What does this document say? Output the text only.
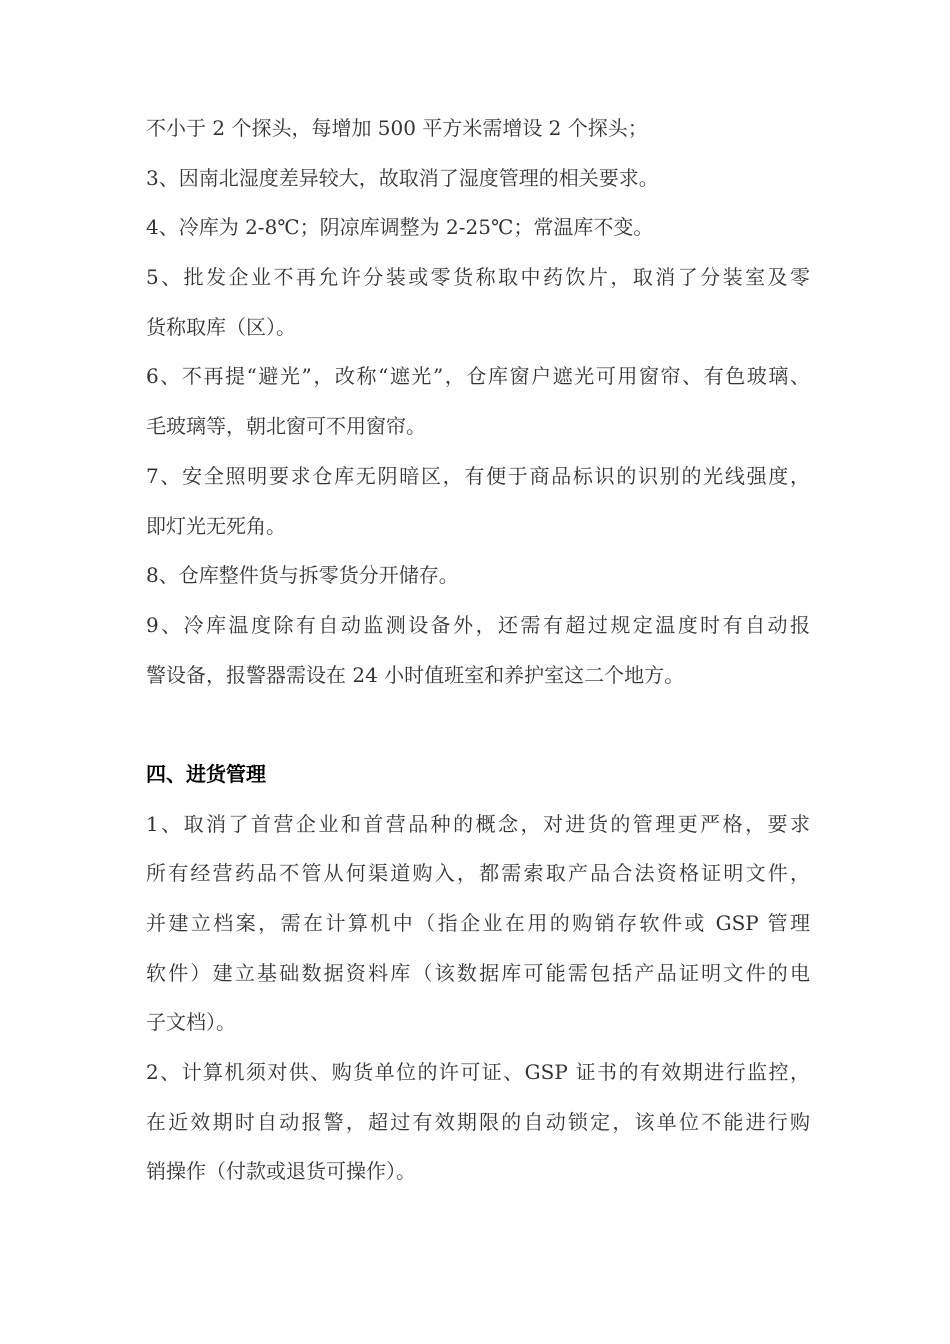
不小于 2 个探头，每增加 500 平方米需增设 2 个探头；
3、因南北湿度差异较大，故取消了湿度管理的相关要求。
4、冷库为 2-8℃；阴凉库调整为 2-25℃；常温库不变。
5、批发企业不再允许分装或零货称取中药饮片，取消了分装室及零
货称取库（区）。
6、不再提“避光”，改称“遮光”，仓库窗户遮光可用窗帘、有色玻璃、
毛玻璃等，朝北窗可不用窗帘。
7、安全照明要求仓库无阴暗区，有便于商品标识的识别的光线强度，
即灯光无死角。
8、仓库整件货与拆零货分开储存。
9、冷库温度除有自动监测设备外，还需有超过规定温度时有自动报
警设备，报警器需设在 24 小时值班室和养护室这二个地方。
四、进货管理
1、取消了首营企业和首营品种的概念，对进货的管理更严格，要求
所有经营药品不管从何渠道购入，都需索取产品合法资格证明文件，
并建立档案，需在计算机中（指企业在用的购销存软件或 GSP 管理
软件）建立基础数据资料库（该数据库可能需包括产品证明文件的电
子文档）。
2、计算机须对供、购货单位的许可证、GSP 证书的有效期进行监控，
在近效期时自动报警，超过有效期限的自动锁定，该单位不能进行购
销操作（付款或退货可操作）。
